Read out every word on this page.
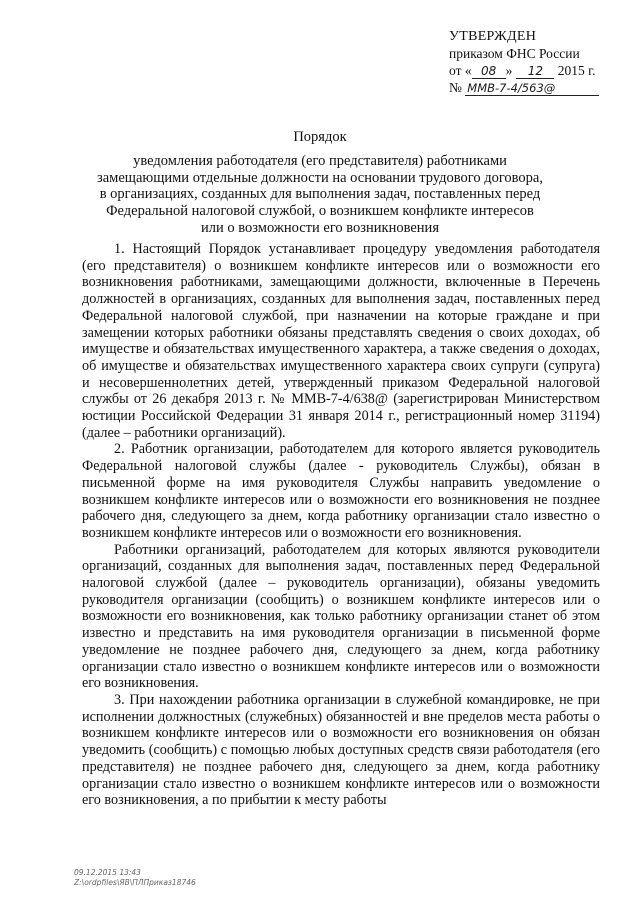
УТВЕРЖДЕН
приказом ФНС России
от « 08 » 12 2015 г.
№ ММВ-7-4/563@
Порядок
уведомления работодателя (его представителя) работниками
замещающими отдельные должности на основании трудового договора,
в организациях, созданных для выполнения задач, поставленных перед
Федеральной налоговой службой, о возникшем конфликте интересов
или о возможности его возникновения

1. Настоящий Порядок устанавливает процедуру уведомления работодателя (его представителя) о возникшем конфликте интересов или о возможности его возникновения работниками, замещающими должности, включенные в Перечень должностей в организациях, созданных для выполнения задач, поставленных перед Федеральной налоговой службой, при назначении на которые граждане и при замещении которых работники обязаны представлять сведения о своих доходах, об имуществе и обязательствах имущественного характера, а также сведения о доходах, об имуществе и обязательствах имущественного характера своих супруги (супруга) и несовершеннолетних детей, утвержденный приказом Федеральной налоговой службы от 26 декабря 2013 г. № ММВ-7-4/638@ (зарегистрирован Министерством юстиции Российской Федерации 31 января 2014 г., регистрационный номер 31194) (далее – работники организаций).

2. Работник организации, работодателем для которого является руководитель Федеральной налоговой службы (далее - руководитель Службы), обязан в письменной форме на имя руководителя Службы направить уведомление о возникшем конфликте интересов или о возможности его возникновения не позднее рабочего дня, следующего за днем, когда работнику организации стало известно о возникшем конфликте интересов или о возможности его возникновения.

Работники организаций, работодателем для которых являются руководители организаций, созданных для выполнения задач, поставленных перед Федеральной налоговой службой (далее – руководитель организации), обязаны уведомить руководителя организации (сообщить) о возникшем конфликте интересов или о возможности его возникновения, как только работнику организации станет об этом известно и представить на имя руководителя организации в письменной форме уведомление не позднее рабочего дня, следующего за днем, когда работнику организации стало известно о возникшем конфликте интересов или о возможности его возникновения.

3. При нахождении работника организации в служебной командировке, не при исполнении должностных (служебных) обязанностей и вне пределов места работы о возникшем конфликте интересов или о возможности его возникновения он обязан уведомить (сообщить) с помощью любых доступных средств связи работодателя (его представителя) не позднее рабочего дня, следующего за днем, когда работнику организации стало известно о возникшем конфликте интересов или о возможности его возникновения, а по прибытии к месту работы

09.12.2015 13:43
Z:\ordpfiles\ЯВ\ПЛПриказ18746
